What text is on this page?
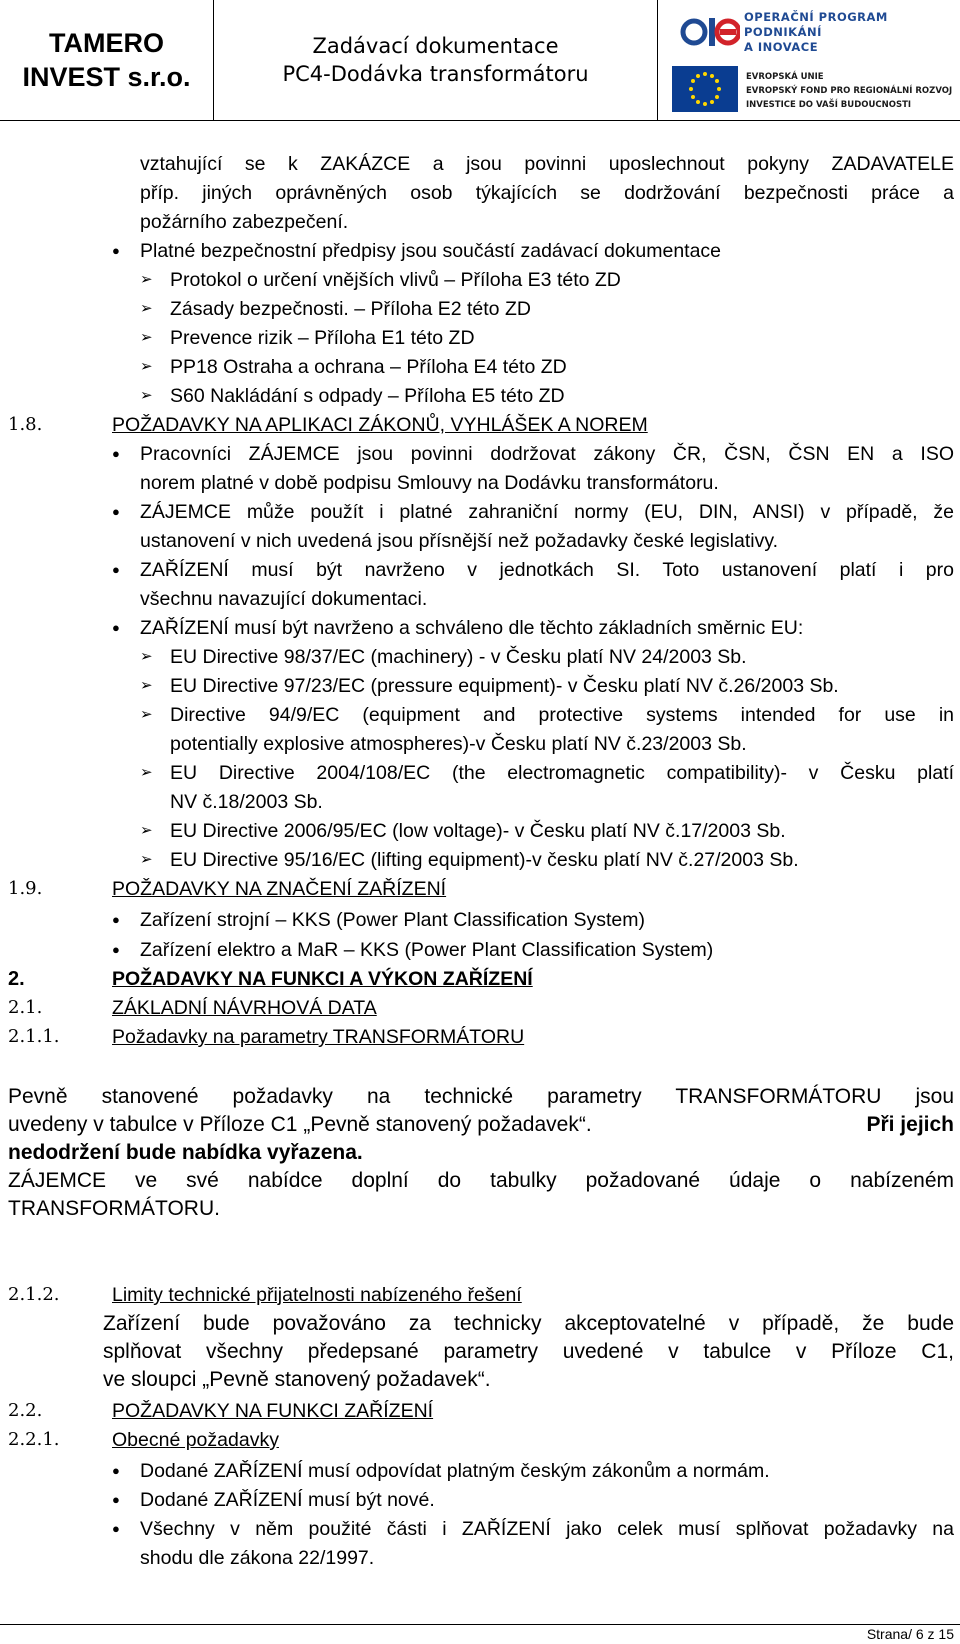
TAMERO
INVEST s.r.o.
Zadávací dokumentace
PC4-Dodávka transformátoru
OPERAČNÍ PROGRAM
PODNIKÁNÍ
A INOVACE
EVROPSKÁ UNIE
EVROPSKÝ FOND PRO REGIONÁLNÍ ROZVOJ
INVESTICE DO VAŠÍ BUDOUCNOSTI
vztahující se k ZAKÁZCE a jsou povinni uposlechnout pokyny ZADAVATELE
příp. jiných oprávněných osob týkajících se dodržování bezpečnosti práce a
požárního zabezpečení.
● Platné bezpečnostní předpisy jsou součástí zadávací dokumentace
➢ Protokol o určení vnějších vlivů – Příloha E3 této ZD
➢ Zásady bezpečnosti. – Příloha E2 této ZD
➢ Prevence rizik – Příloha E1 této ZD
➢ PP18 Ostraha a ochrana – Příloha E4 této ZD
➢ S60 Nakládání s odpady – Příloha E5 této ZD
1.8.	POŽADAVKY NA APLIKACI ZÁKONŮ, VYHLÁŠEK A NOREM
● Pracovníci ZÁJEMCE jsou povinni dodržovat zákony ČR, ČSN, ČSN EN a ISO
norem platné v době podpisu Smlouvy na Dodávku transformátoru.
● ZÁJEMCE může použít i platné zahraniční normy (EU, DIN, ANSI) v případě, že
ustanovení v nich uvedená jsou přísnější než požadavky české legislativy.
● ZAŘÍZENÍ musí být navrženo v jednotkách SI. Toto ustanovení platí i pro
všechnu navazující dokumentaci.
● ZAŘÍZENÍ musí být navrženo a schváleno dle těchto základních směrnic EU:
➢ EU Directive 98/37/EC (machinery) - v Česku platí NV 24/2003 Sb.
➢ EU Directive 97/23/EC (pressure equipment)- v Česku platí NV č.26/2003 Sb.
➢ Directive 94/9/EC (equipment and protective systems intended for use in
potentially explosive atmospheres)-v Česku platí NV č.23/2003 Sb.
➢ EU Directive 2004/108/EC (the electromagnetic compatibility)- v Česku platí
NV č.18/2003 Sb.
➢ EU Directive 2006/95/EC (low voltage)- v Česku platí NV č.17/2003 Sb.
➢ EU Directive 95/16/EC (lifting equipment)-v česku platí NV č.27/2003 Sb.
1.9.	POŽADAVKY NA ZNAČENÍ ZAŘÍZENÍ
● Zařízení strojní – KKS (Power Plant Classification System)
● Zařízení elektro a MaR – KKS (Power Plant Classification System)
2.	POŽADAVKY NA FUNKCI A VÝKON ZAŘÍZENÍ
2.1.	ZÁKLADNÍ NÁVRHOVÁ DATA
2.1.1.	Požadavky na parametry TRANSFORMÁTORU
Pevně stanovené požadavky na technické parametry TRANSFORMÁTORU jsou
uvedeny v tabulce v Příloze C1 „Pevně stanovený požadavek“.	Při jejich
nedodržení bude nabídka vyřazena.
ZÁJEMCE ve své nabídce doplní do tabulky požadované údaje o nabízeném
TRANSFORMÁTORU.
2.1.2.	Limity technické přijatelnosti nabízeného řešení
Zařízení bude považováno za technicky akceptovatelné v případě, že bude
splňovat všechny předepsané parametry uvedené v tabulce v Příloze C1,
ve sloupci „Pevně stanovený požadavek“.
2.2.	POŽADAVKY NA FUNKCI ZAŘÍZENÍ
2.2.1.	Obecné požadavky
● Dodané ZAŘÍZENÍ musí odpovídat platným českým zákonům a normám.
● Dodané ZAŘÍZENÍ musí být nové.
● Všechny v něm použité části i ZAŘÍZENÍ jako celek musí splňovat požadavky na
shodu dle zákona 22/1997.
Strana/ 6 z 15
